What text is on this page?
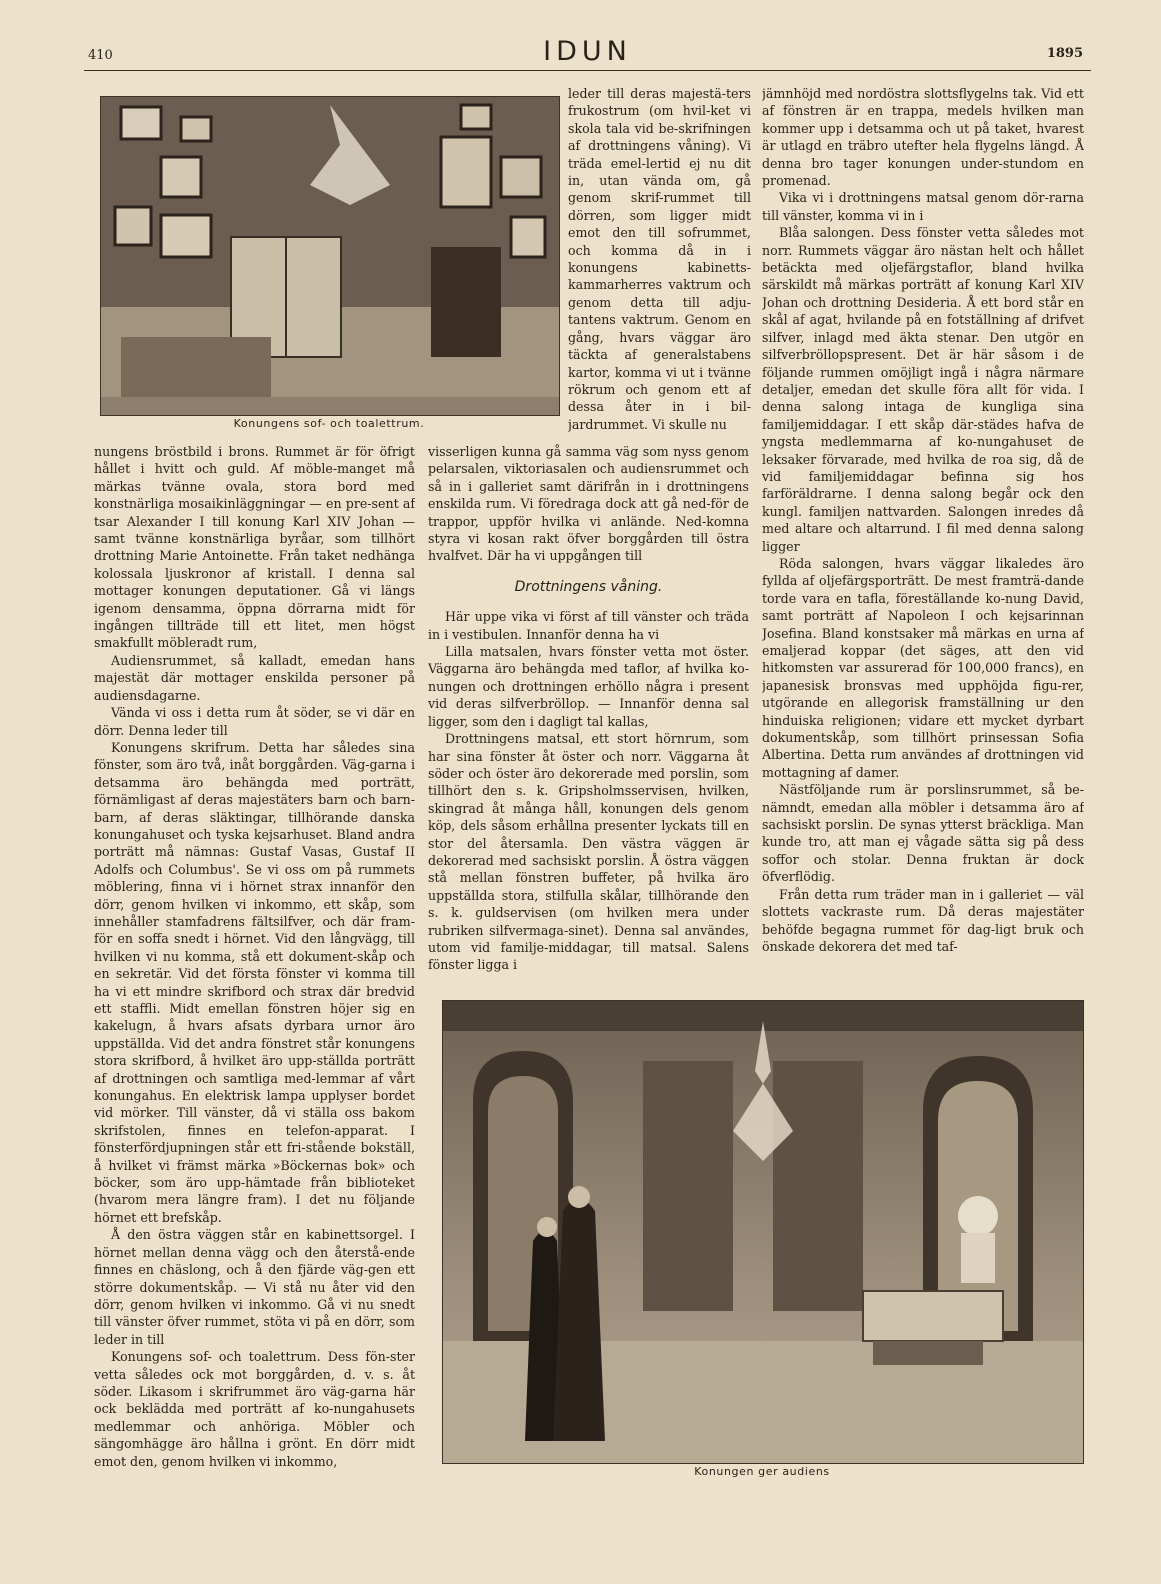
410	IDUN	1895
Konungens sof- och toalettrum.

leder till deras majestä-ters frukostrum (om hvil-ket vi skola tala vid be-skrifningen af drottningens våning). Vi träda emel-lertid ej nu dit in, utan vända om, gå genom skrif-rummet till dörren, som ligger midt emot den till sofrummet, och komma då in i konungens kabinetts-kammarherres vaktrum och genom detta till adju-tantens vaktrum. Genom en gång, hvars väggar äro täckta af generalstabens kartor, komma vi ut i tvänne rökrum och genom ett af dessa åter in i bil-jardrummet. Vi skulle nu

nungens bröstbild i brons. Rummet är för öfrigt hållet i hvitt och guld. Af möble-manget må märkas tvänne ovala, stora bord med konstnärliga mosaikinläggningar — en pre-sent af tsar Alexander I till konung Karl XIV Johan — samt tvänne konstnärliga byråar, som tillhört drottning Marie Antoinette. Från taket nedhänga kolossala ljuskronor af kristall. I denna sal mottager konungen deputationer. Gå vi längs igenom densamma, öppna dörrarna midt för ingången tillträde till ett litet, men högst smakfullt möbleradt rum,

Audiensrummet, så kalladt, emedan hans majestät där mottager enskilda personer på audiensdagarne.

Vända vi oss i detta rum åt söder, se vi där en dörr. Denna leder till

Konungens skrifrum. Detta har således sina fönster, som äro två, inåt borggården. Väg-garna i detsamma äro behängda med porträtt, förnämligast af deras majestäters barn och barn-barn, af deras släktingar, tillhörande danska konungahuset och tyska kejsarhuset. Bland andra porträtt må nämnas: Gustaf Vasas, Gustaf II Adolfs och Columbus'. Se vi oss om på rummets möblering, finna vi i hörnet strax innanför den dörr, genom hvilken vi inkommo, ett skåp, som innehåller stamfadrens fältsilfver, och där fram-för en soffa snedt i hörnet. Vid den långvägg, till hvilken vi nu komma, stå ett dokument-skåp och en sekretär. Vid det första fönster vi komma till ha vi ett mindre skrifbord och strax där bredvid ett staffli. Midt emellan fönstren höjer sig en kakelugn, å hvars afsats dyrbara urnor äro uppställda. Vid det andra fönstret står konungens stora skrifbord, å hvilket äro upp-ställda porträtt af drottningen och samtliga med-lemmar af vårt konungahus. En elektrisk lampa upplyser bordet vid mörker. Till vänster, då vi ställa oss bakom skrifstolen, finnes en telefon-apparat. I fönsterfördjupningen står ett fri-stående bokställ, å hvilket vi främst märka »Böckernas bok» och böcker, som äro upp-hämtade från biblioteket (hvarom mera längre fram). I det nu följande hörnet ett brefskåp.

Å den östra väggen står en kabinettsorgel. I hörnet mellan denna vägg och den återstå-ende finnes en chäslong, och å den fjärde väg-gen ett större dokumentskåp. — Vi stå nu åter vid den dörr, genom hvilken vi inkommo. Gå vi nu snedt till vänster öfver rummet, stöta vi på en dörr, som leder in till

Konungens sof- och toalettrum. Dess fön-ster vetta således ock mot borggården, d. v. s. åt söder. Likasom i skrifrummet äro väg-garna här ock beklädda med porträtt af ko-nungahusets medlemmar och anhöriga. Möbler och sängomhägge äro hållna i grönt. En dörr midt emot den, genom hvilken vi inkommo,

visserligen kunna gå samma väg som nyss genom pelarsalen, viktoriasalen och audiensrummet och så in i galleriet samt därifrån in i drottningens enskilda rum. Vi föredraga dock att gå ned-för de trappor, uppför hvilka vi anlände. Ned-komna styra vi kosan rakt öfver borggården till östra hvalfvet. Där ha vi uppgången till

Drottningens våning.

Här uppe vika vi först af till vänster och träda in i vestibulen. Innanför denna ha vi

Lilla matsalen, hvars fönster vetta mot öster. Väggarna äro behängda med taflor, af hvilka ko-nungen och drottningen erhöllo några i present vid deras silfverbröllop. — Innanför denna sal ligger, som den i dagligt tal kallas,

Drottningens matsal, ett stort hörnrum, som har sina fönster åt öster och norr. Väggarna åt söder och öster äro dekorerade med porslin, som tillhört den s. k. Gripsholmsservisen, hvilken, skingrad åt många håll, konungen dels genom köp, dels såsom erhållna presenter lyckats till en stor del återsamla. Den västra väggen är dekorerad med sachsiskt porslin. Å östra väggen stå mellan fönstren buffeter, på hvilka äro uppställda stora, stilfulla skålar, tillhörande den s. k. guldservisen (om hvilken mera under rubriken silfvermaga-sinet). Denna sal användes, utom vid familje-middagar, till matsal. Salens fönster ligga i

jämnhöjd med nordöstra slottsflygelns tak. Vid ett af fönstren är en trappa, medels hvilken man kommer upp i detsamma och ut på taket, hvarest är utlagd en träbro utefter hela flygelns längd. Å denna bro tager konungen under-stundom en promenad.

Vika vi i drottningens matsal genom dör-rarna till vänster, komma vi in i

Blåa salongen. Dess fönster vetta således mot norr. Rummets väggar äro nästan helt och hållet betäckta med oljefärgstaflor, bland hvilka särskildt må märkas porträtt af konung Karl XIV Johan och drottning Desideria. Å ett bord står en skål af agat, hvilande på en fotställning af drifvet silfver, inlagd med äkta stenar. Den utgör en silfverbröllopspresent. Det är här såsom i de följande rummen omöjligt ingå i några närmare detaljer, emedan det skulle föra allt för vida. I denna salong intaga de kungliga sina familjemiddagar. I ett skåp där-städes hafva de yngsta medlemmarna af ko-nungahuset de leksaker förvarade, med hvilka de roa sig, då de vid familjemiddagar befinna sig hos farföräldrarne. I denna salong begår ock den kungl. familjen nattvarden. Salongen inredes då med altare och altarrund. I fil med denna salong ligger

Röda salongen, hvars väggar likaledes äro fyllda af oljefärgsporträtt. De mest framträ-dande torde vara en tafla, föreställande ko-nung David, samt porträtt af Napoleon I och kejsarinnan Josefina. Bland konstsaker må märkas en urna af emaljerad koppar (det säges, att den vid hitkomsten var assurerad för 100,000 francs), en japanesisk bronsvas med upphöjda figu-rer, utgörande en allegorisk framställning ur den hinduiska religionen; vidare ett mycket dyrbart dokumentskåp, som tillhört prinsessan Sofia Albertina. Detta rum användes af drottningen vid mottagning af damer.

Nästföljande rum är porslinsrummet, så be-nämndt, emedan alla möbler i detsamma äro af sachsiskt porslin. De synas ytterst bräckliga. Man kunde tro, att man ej vågade sätta sig på dess soffor och stolar. Denna fruktan är dock öfverflödig.

Från detta rum träder man in i galleriet — väl slottets vackraste rum. Då deras majestäter behöfde begagna rummet för dag-ligt bruk och önskade dekorera det med taf-

Konungen ger audiens
